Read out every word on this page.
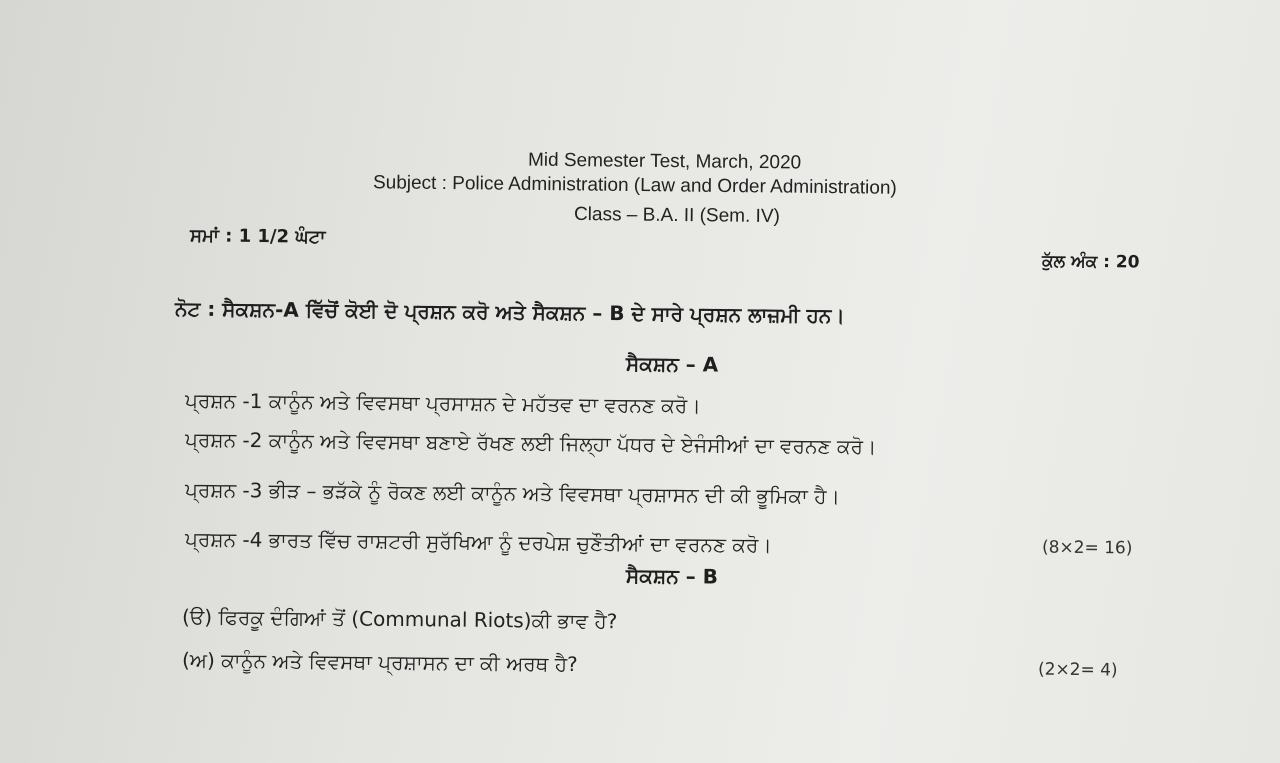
Mid Semester Test, March, 2020
Subject : Police Administration (Law and Order Administration)
Class – B.A. II (Sem. IV)
ਸਮਾਂ : 1 1/2 ਘੰਟਾ
ਕੁੱਲ ਅੰਕ : 20
ਨੋਟ : ਸੈਕਸ਼ਨ-A ਵਿੱਚੋਂ ਕੋਈ ਦੋ ਪ੍ਰਸ਼ਨ ਕਰੋ ਅਤੇ ਸੈਕਸ਼ਨ – B ਦੇ ਸਾਰੇ ਪ੍ਰਸ਼ਨ ਲਾਜ਼ਮੀ ਹਨ।
ਸੈਕਸ਼ਨ – A
ਪ੍ਰਸ਼ਨ -1 ਕਾਨੂੰਨ ਅਤੇ ਵਿਵਸਥਾ ਪ੍ਰਸਾਸ਼ਨ ਦੇ ਮਹੱਤਵ ਦਾ ਵਰਨਣ ਕਰੋ।
ਪ੍ਰਸ਼ਨ -2 ਕਾਨੂੰਨ ਅਤੇ ਵਿਵਸਥਾ ਬਣਾਏ ਰੱਖਣ ਲਈ ਜਿਲ੍ਹਾ ਪੱਧਰ ਦੇ ਏਜੰਸੀਆਂ ਦਾ ਵਰਨਣ ਕਰੋ।
ਪ੍ਰਸ਼ਨ -3 ਭੀੜ – ਭੜੱਕੇ ਨੂੰ ਰੋਕਣ ਲਈ ਕਾਨੂੰਨ ਅਤੇ ਵਿਵਸਥਾ ਪ੍ਰਸ਼ਾਸਨ ਦੀ ਕੀ ਭੂਮਿਕਾ ਹੈ।
ਪ੍ਰਸ਼ਨ -4 ਭਾਰਤ ਵਿੱਚ ਰਾਸ਼ਟਰੀ ਸੁਰੱਖਿਆ ਨੂੰ ਦਰਪੇਸ਼ ਚੁਣੌਤੀਆਂ ਦਾ ਵਰਨਣ ਕਰੋ।	(8×2= 16)
ਸੈਕਸ਼ਨ – B
(ੳ) ਫਿਰਕੂ ਦੰਗਿਆਂ ਤੋਂ (Communal Riots)ਕੀ ਭਾਵ ਹੈ?
(ਅ) ਕਾਨੂੰਨ ਅਤੇ ਵਿਵਸਥਾ ਪ੍ਰਸ਼ਾਸਨ ਦਾ ਕੀ ਅਰਥ ਹੈ?	(2×2= 4)
